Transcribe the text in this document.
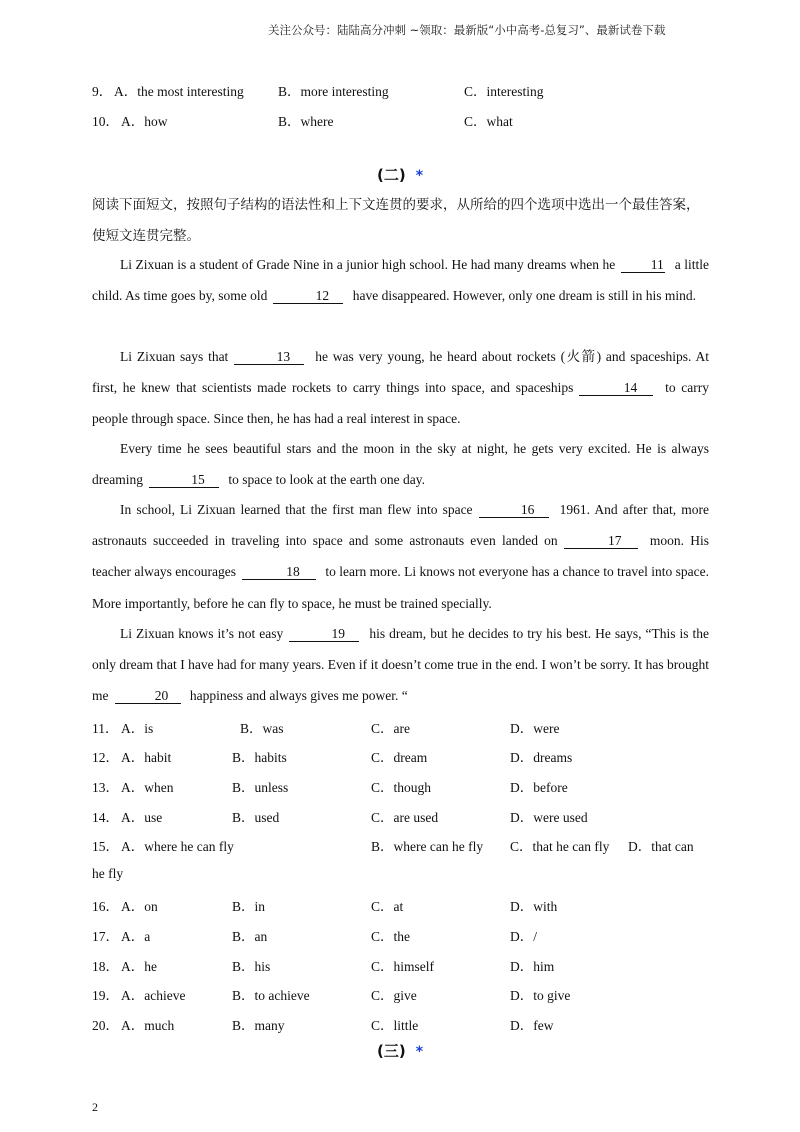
关注公众号：陆陆高分冲刺 ~领取：最新版“小中高考-总复习”、最新试卷下载
9． A．the most interesting	B．more interesting	C．interesting
10． A．how	B．where	C．what
(二) *
阅读下面短文，按照句子结构的语法性和上下文连贯的要求，从所给的四个选项中选出一个最佳答案，使短文连贯完整。
Li Zixuan is a student of Grade Nine in a junior high school. He had many dreams when he	11 a little child. As time goes by, some old	12 have disappeared. However, only one dream is still in his mind.
Li Zixuan says that	13 he was very young, he heard about rockets (火箭) and spaceships. At first, he knew that scientists made rockets to carry things into space, and spaceships	14 to carry people through space. Since then, he has had a real interest in space.
Every time he sees beautiful stars and the moon in the sky at night, he gets very excited. He is always dreaming	15 to space to look at the earth one day.
In school, Li Zixuan learned that the first man flew into space	16 1961. And after that, more astronauts succeeded in traveling into space and some astronauts even landed on	17 moon. His teacher always encourages	18 to learn more. Li knows not everyone has a chance to travel into space. More importantly, before he can fly to space, he must be trained specially.
Li Zixuan knows it’s not easy	19 his dream, but he decides to try his best. He says, “This is the only dream that I have had for many years. Even if it doesn’t come true in the end. I won’t be sorry. It has brought me	20 happiness and always gives me power. “
11． A．is	B．was	C．are	D．were
12． A．habit	B．habits	C．dream	D．dreams
13． A．when	B．unless	C．though	D．before
14． A．use	B．used	C．are used	D．were used
15． A．where he can fly	B．where can he fly C．that he can fly D．that can
he fly
16． A．on	B．in	C．at	D．with
17． A．a	B．an	C．the	D．/
18． A．he	B．his	C．himself	D．him
19． A．achieve	B．to achieve	C．give	D．to give
20． A．much	B．many	C．little	D．few
(三) *
2
